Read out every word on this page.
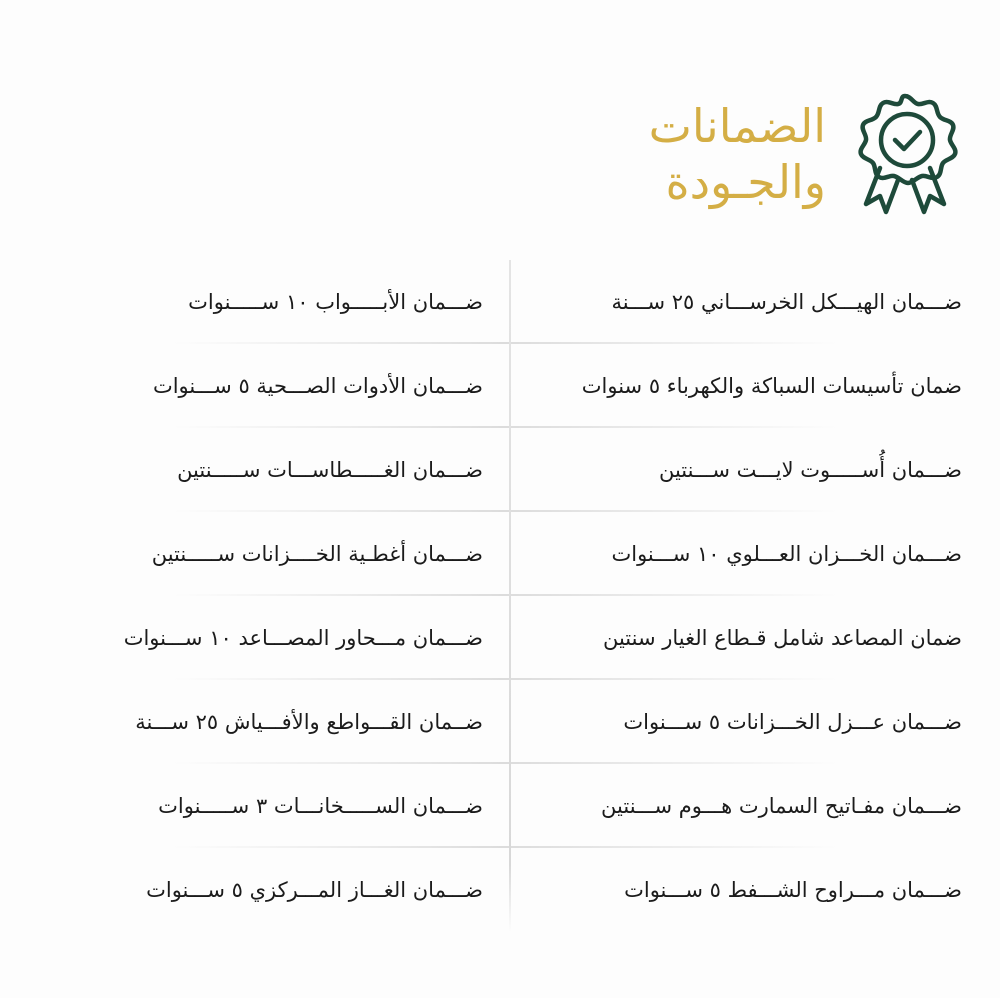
الضمانات
والجـودة
ضـــمان الهيـــكل الخرســـاني ٢٥ ســـنة
ضمان تأسيسات السباكة والكهرباء ٥ سنوات
ضـــمان أُســـــوت لايـــت ســـنتين
ضـــمان الخـــزان العـــلوي ١٠ ســـنوات
ضمان المصاعد شامل قـطاع الغيار سنتين
ضـــمان عـــزل الخـــزانات ٥ ســـنوات
ضـــمان مفـاتيح السمارت هـــوم ســـنتين
ضـــمان مـــراوح الشـــفط ٥ ســـنوات
ضـــمان الأبـــــواب ١٠ ســـــنوات
ضـــمان الأدوات الصـــحية ٥ ســـنوات
ضـــمان الغـــــطاســـات ســـــنتين
ضـــمان أغطـية الخــــزانات ســـــنتين
ضـــمان مـــحاور المصـــاعد ١٠ ســـنوات
ضــمان القـــواطع والأفـــياش ٢٥ ســـنة
ضـــمان الســـــخانـــات ٣ ســـــنوات
ضـــمان الغـــاز المـــركزي ٥ ســـنوات
